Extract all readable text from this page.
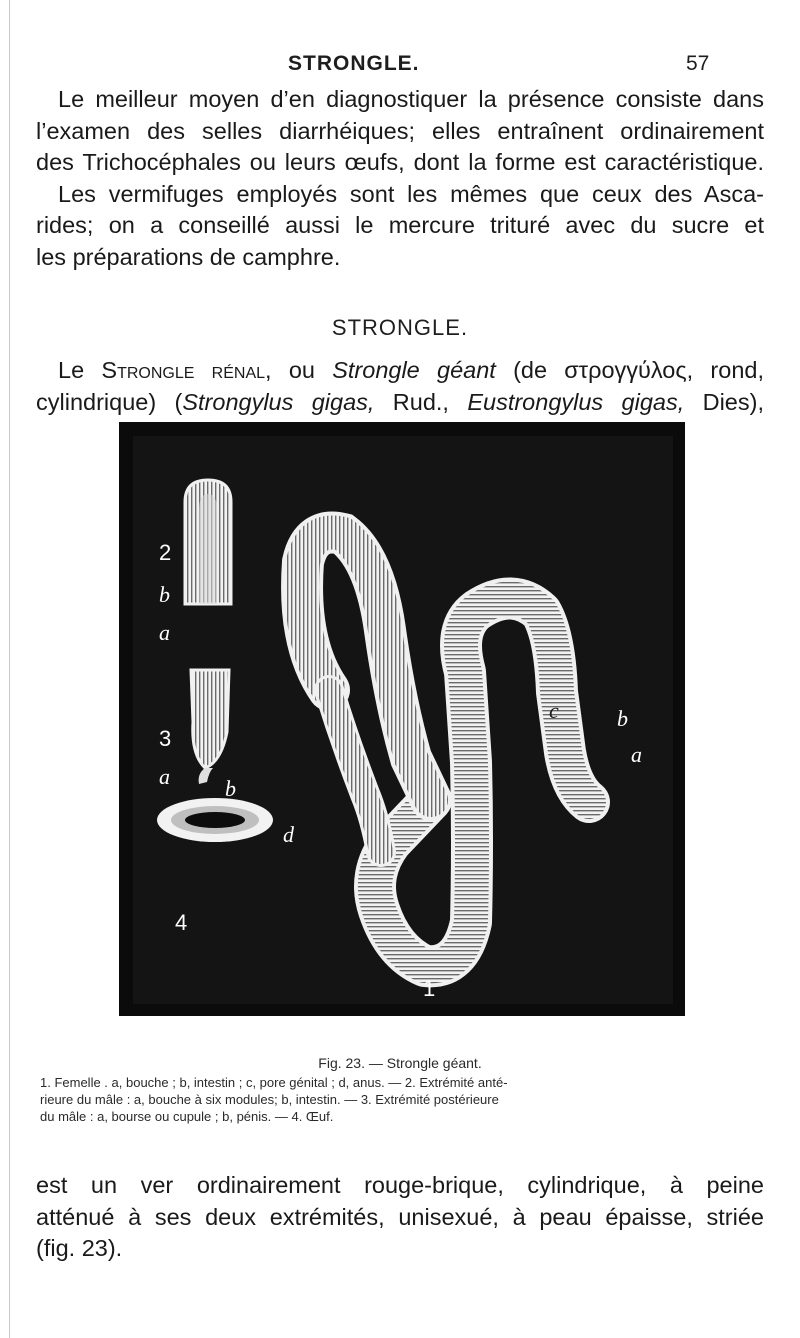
STRONGLE.	57
Le meilleur moyen d’en diagnostiquer la présence consiste dans
l’examen des selles diarrhéiques; elles entraînent ordinairement
des Trichocéphales ou leurs œufs, dont la forme est caractéristique.
Les vermifuges employés sont les mêmes que ceux des Asca-
rides; on a conseillé aussi le mercure trituré avec du sucre et
les préparations de camphre.
STRONGLE.
Le Strongle rénal, ou Strongle géant (de στρογγύλος, rond,
cylindrique) (Strongylus gigas, Rud., Eustrongylus gigas, Dies),
2
b
a
3
a	b
d
4
c	b
a
1
Fig. 23. — Strongle géant.
1. Femelle . a, bouche ; b, intestin ; c, pore génital ; d, anus. — 2. Extrémité anté-
rieure du mâle : a, bouche à six modules; b, intestin. — 3. Extrémité postérieure
du mâle : a, bourse ou cupule ; b, pénis. — 4. Œuf.
est un ver ordinairement rouge-brique, cylindrique, à peine
atténué à ses deux extrémités, unisexué, à peau épaisse, striée
(fig. 23).
